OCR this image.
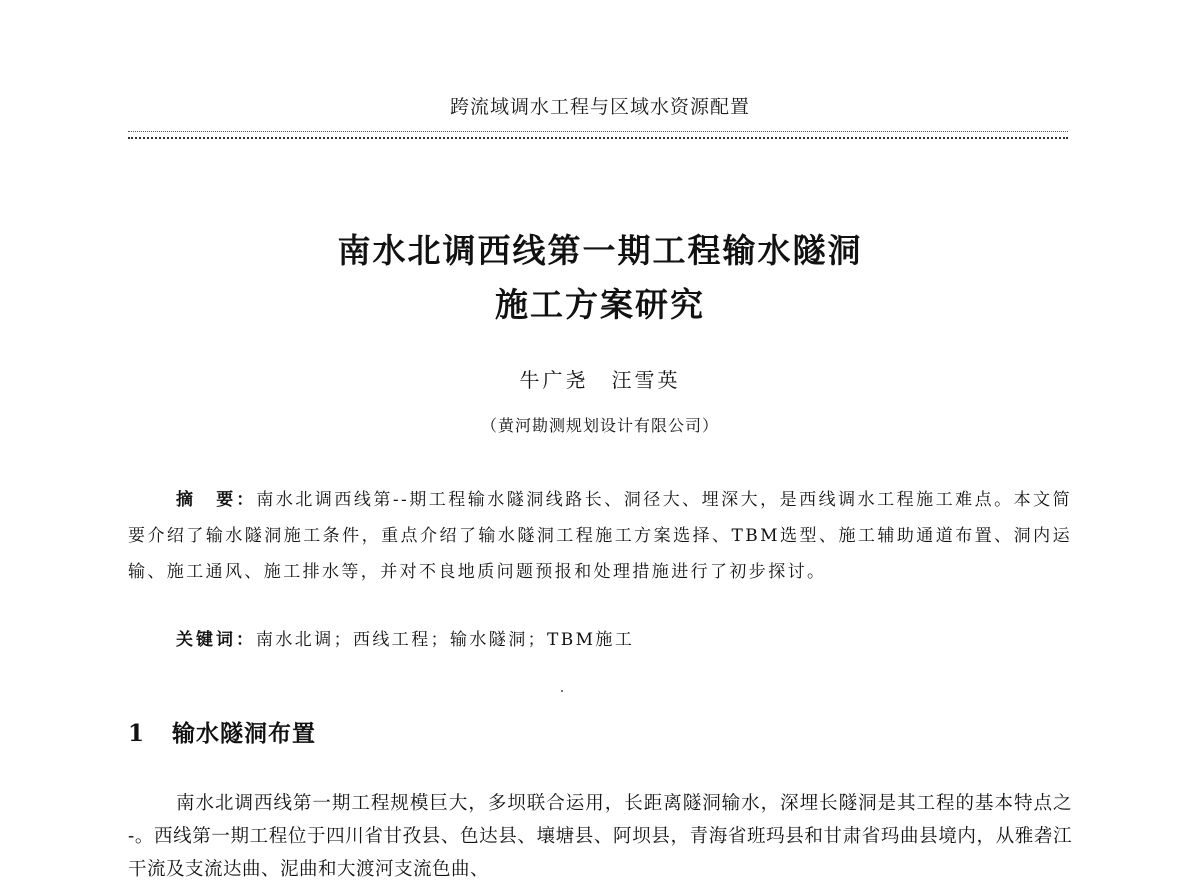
跨流域调水工程与区域水资源配置
南水北调西线第一期工程输水隧洞
施工方案研究
牛广尧　汪雪英
（黄河勘测规划设计有限公司）

摘　要：南水北调西线第--期工程输水隧洞线路长、洞径大、埋深大，是西线调水工程施工难点。本文简要介绍了输水隧洞施工条件，重点介绍了输水隧洞工程施工方案选择、TBM选型、施工辅助通道布置、洞内运输、施工通风、施工排水等，并对不良地质问题预报和处理措施进行了初步探讨。

关键词：南水北调；西线工程；输水隧洞；TBM施工
1 输水隧洞布置

南水北调西线第一期工程规模巨大，多坝联合运用，长距离隧洞输水，深埋长隧洞是其工程的基本特点之 -。西线第一期工程位于四川省甘孜县、色达县、壤塘县、阿坝县，青海省班玛县和甘肃省玛曲县境内，从雅砻江干流及支流达曲、泥曲和大渡河支流色曲、
